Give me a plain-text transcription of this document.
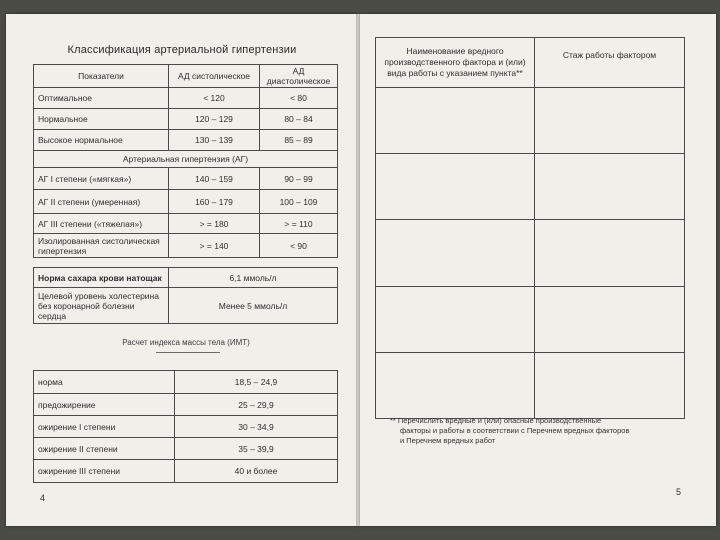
Классификация артериальной гипертензии
Показатели	АД систолическое	АД диастолическое
Оптимальное	< 120	< 80
Нормальное	120 – 129	80 – 84
Высокое нормальное	130 – 139	85 – 89
Артериальная гипертензия (АГ)		
АГ I степени («мягкая»)	140 – 159	90 – 99
АГ II степени (умеренная)	160 – 179	100 – 109
АГ III степени («тяжелая»)	> = 180	> = 110
Изолированная систолическая гипертензия	> = 140	< 90
Норма сахара крови натощак	6,1 ммоль/л
Целевой уровень холестерина без коронарной болезни сердца	Менее 5 ммоль/л
Расчет индекса массы тела (ИМТ)
норма	18,5 – 24,9
предожирение	25 – 29,9
ожирение I степени	30 – 34,9
ожирение II степени	35 – 39,9
ожирение III степени	40 и более
4
Наименование вредного производственного фактора и (или) вида работы с указанием пункта**	Стаж работы фактором

** Перечислить вредные и (или) опасные производственные
факторы и работы в соответствии с Перечнем вредных факторов
и Перечнем вредных работ
5
